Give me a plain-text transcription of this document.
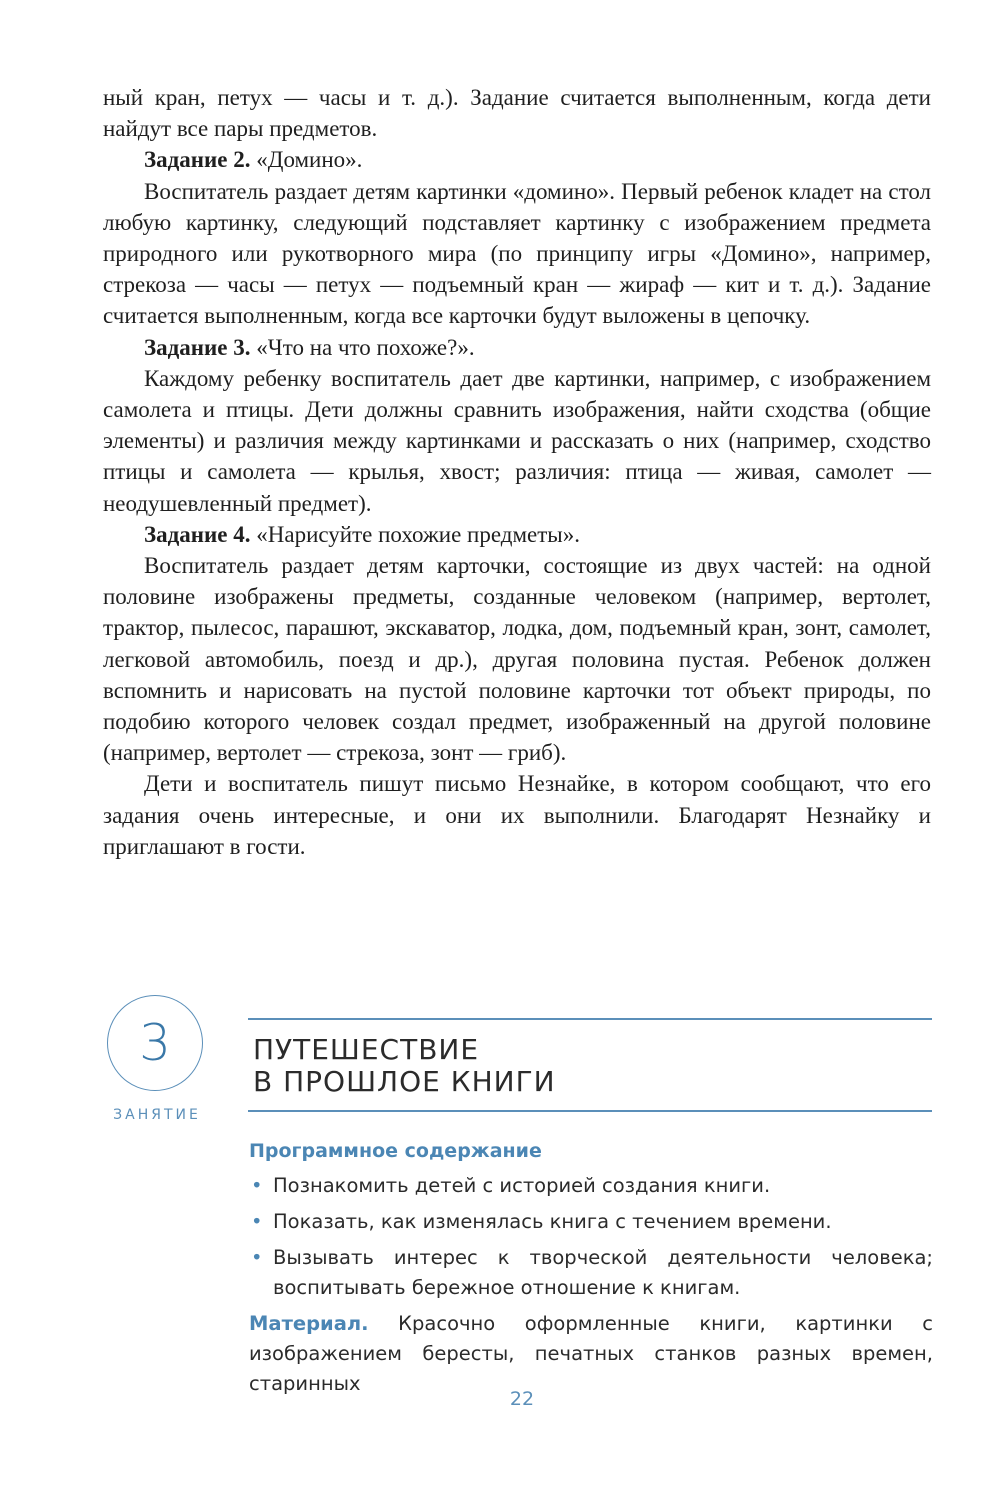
ный кран, петух — часы и т. д.). Задание считается выполненным, когда дети найдут все пары предметов.

Задание 2. «Домино».

Воспитатель раздает детям картинки «домино». Первый ребенок кладет на стол любую картинку, следующий подставляет картинку с изображением предмета природного или рукотворного мира (по принципу игры «Домино», например, стрекоза — часы — петух — подъемный кран — жираф — кит и т. д.). Задание считается выполненным, когда все карточки будут выложены в цепочку.

Задание 3. «Что на что похоже?».

Каждому ребенку воспитатель дает две картинки, например, с изображением самолета и птицы. Дети должны сравнить изображения, найти сходства (общие элементы) и различия между картинками и рассказать о них (например, сходство птицы и самолета — крылья, хвост; различия: птица — живая, самолет — неодушевленный предмет).

Задание 4. «Нарисуйте похожие предметы».

Воспитатель раздает детям карточки, состоящие из двух частей: на одной половине изображены предметы, созданные человеком (например, вертолет, трактор, пылесос, парашют, экскаватор, лодка, дом, подъемный кран, зонт, самолет, легковой автомобиль, поезд и др.), другая половина пустая. Ребенок должен вспомнить и нарисовать на пустой половине карточки тот объект природы, по подобию которого человек создал предмет, изображенный на другой половине (например, вертолет — стрекоза, зонт — гриб).

Дети и воспитатель пишут письмо Незнайке, в котором сообщают, что его задания очень интересные, и они их выполнили. Благодарят Незнайку и приглашают в гости.

3
ЗАНЯТИЕ
ПУТЕШЕСТВИЕ
В ПРОШЛОЕ КНИГИ
Программное содержание
• Познакомить детей с историей создания книги.
• Показать, как изменялась книга с течением времени.
• Вызывать интерес к творческой деятельности человека; воспитывать бережное отношение к книгам.

Материал. Красочно оформленные книги, картинки с изображением бересты, печатных станков разных времен, старинных

22
